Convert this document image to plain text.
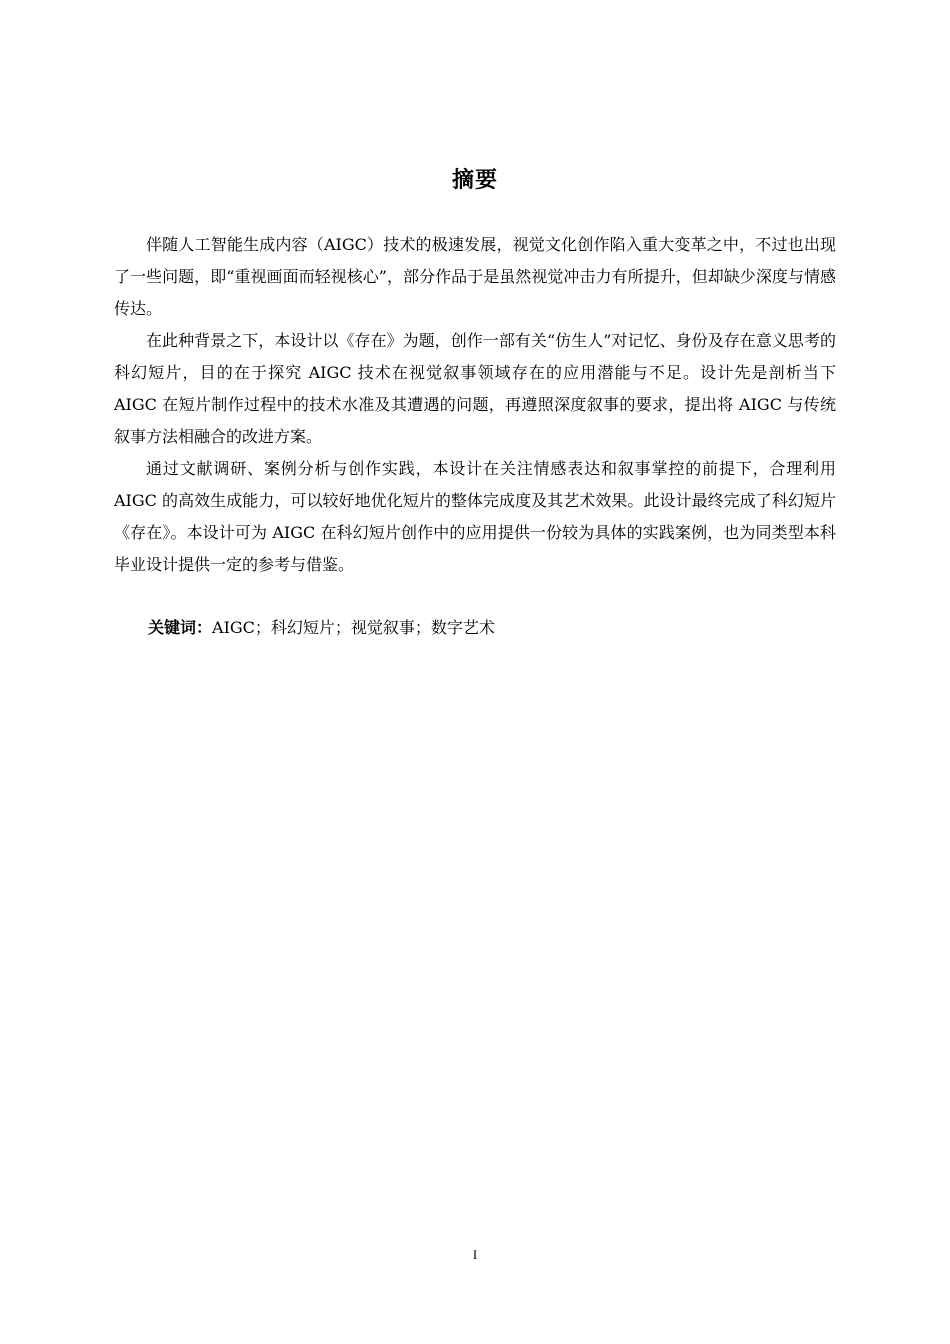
摘要

伴随人工智能生成内容（AIGC）技术的极速发展，视觉文化创作陷入重大变革之中，不过也出现了一些问题，即“重视画面而轻视核心”，部分作品于是虽然视觉冲击力有所提升，但却缺少深度与情感传达。

在此种背景之下，本设计以《存在》为题，创作一部有关“仿生人”对记忆、身份及存在意义思考的科幻短片，目的在于探究 AIGC 技术在视觉叙事领域存在的应用潜能与不足。设计先是剖析当下 AIGC 在短片制作过程中的技术水准及其遭遇的问题，再遵照深度叙事的要求，提出将 AIGC 与传统叙事方法相融合的改进方案。

通过文献调研、案例分析与创作实践，本设计在关注情感表达和叙事掌控的前提下，合理利用 AIGC 的高效生成能力，可以较好地优化短片的整体完成度及其艺术效果。此设计最终完成了科幻短片《存在》。本设计可为 AIGC 在科幻短片创作中的应用提供一份较为具体的实践案例，也为同类型本科毕业设计提供一定的参考与借鉴。

关键词：AIGC；科幻短片；视觉叙事；数字艺术
I
